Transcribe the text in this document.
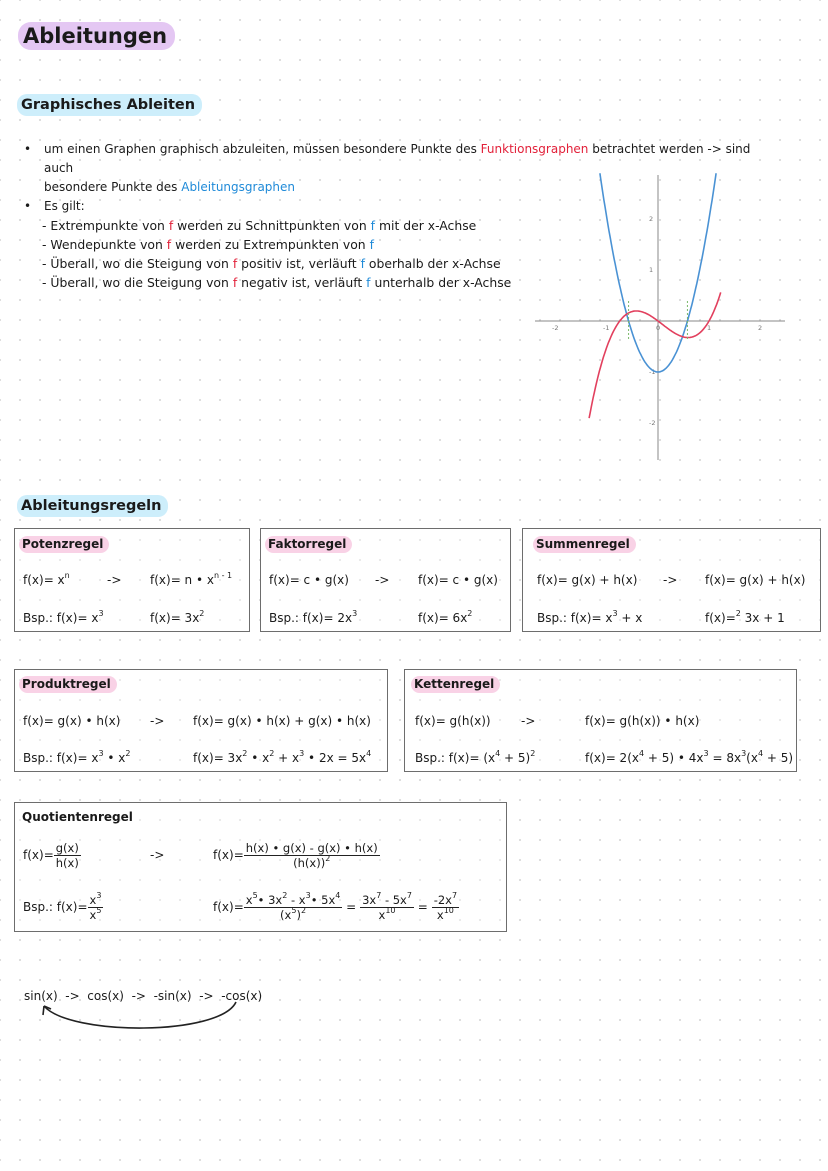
Ableitungen
Graphisches Ableiten
• um einen Graphen graphisch abzuleiten, müssen besondere Punkte des Funktionsgraphen betrachtet werden -> sind auch
besondere Punkte des Ableitungsgraphen
• Es gilt:
- Extrempunkte von f werden zu Schnittpunkten von f mit der x-Achse
- Wendepunkte von f werden zu Extrempunkten von f
- Überall, wo die Steigung von f positiv ist, verläuft f oberhalb der x-Achse
- Überall, wo die Steigung von f negativ ist, verläuft f unterhalb der x-Achse
-2	-1	0	1	2
2
1
-1
-2
Ableitungsregeln
Potenzregel
$f(x)= x^n$	-> f(x)= n • $x^{n - 1}$
Bsp.: $f(x)= x^3$	$f(x)= 3x^2$
Faktorregel
f(x)= c • g(x) -> f(x)= c • g(x)
Bsp.: $f(x)= 2x^3$	$f(x)= 6x^2$
Summenregel
f(x)= g(x) + h(x) -> f(x)= g(x) + h(x)
Bsp.: $f(x)= x^3 + x$	f(x)=$^2$ 3x + 1
Produktregel
f(x)= g(x) • h(x) -> f(x)= g(x) • h(x) + g(x) • h(x)
Bsp.: $f(x)= x^3$ • $x^2$	$f(x)= 3x^2$ • $x^2 + x^3$ • $2x = 5x^4$
Kettenregel
f(x)= g(h(x))	->	f(x)= g(h(x)) • h(x)
Bsp.: $f(x)= (x^4 + 5)^2$	$f(x)= 2(x^4 + 5)$ • $4x^3 = 8x^3(x^4 + 5)$
Quotientenregel
$f(x)= \frac{g(x)}{h(x)}$	->	$f(x)= \frac{h(x) • g(x) - g(x) • h(x)}{(h(x))^2}$
Bsp.: $f(x)= \frac{x^3}{x^5}$	$f(x)= \frac{x^5• 3x^2 - x^3• 5x^4}{(x^5)^2} = \frac{3x^7 - 5x^7}{x^{10}} = \frac{-2x^7}{x^{10}}$
sin(x)  ->  cos(x)  ->  -sin(x)  ->  -cos(x)
